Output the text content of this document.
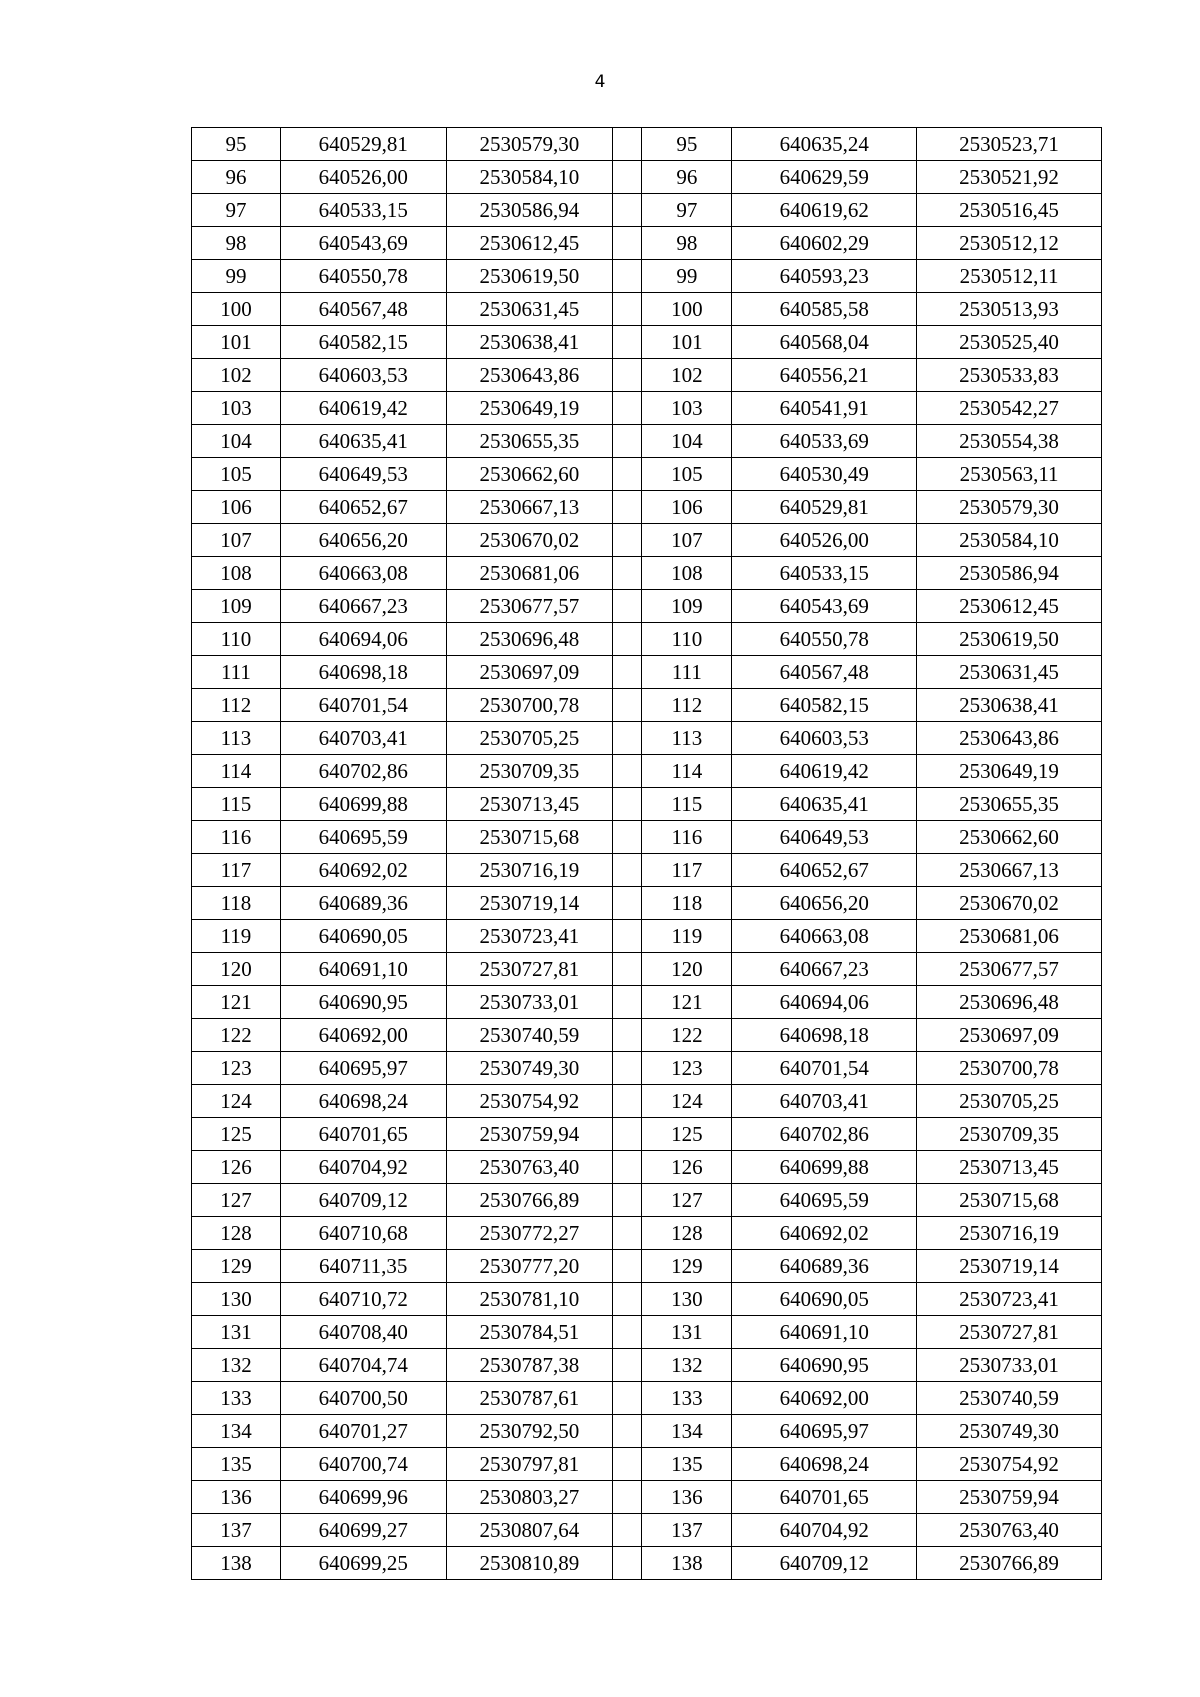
4
95	640529,81	2530579,30		95	640635,24	2530523,71
96	640526,00	2530584,10		96	640629,59	2530521,92
97	640533,15	2530586,94		97	640619,62	2530516,45
98	640543,69	2530612,45		98	640602,29	2530512,12
99	640550,78	2530619,50		99	640593,23	2530512,11
100	640567,48	2530631,45		100	640585,58	2530513,93
101	640582,15	2530638,41		101	640568,04	2530525,40
102	640603,53	2530643,86		102	640556,21	2530533,83
103	640619,42	2530649,19		103	640541,91	2530542,27
104	640635,41	2530655,35		104	640533,69	2530554,38
105	640649,53	2530662,60		105	640530,49	2530563,11
106	640652,67	2530667,13		106	640529,81	2530579,30
107	640656,20	2530670,02		107	640526,00	2530584,10
108	640663,08	2530681,06		108	640533,15	2530586,94
109	640667,23	2530677,57		109	640543,69	2530612,45
110	640694,06	2530696,48		110	640550,78	2530619,50
111	640698,18	2530697,09		111	640567,48	2530631,45
112	640701,54	2530700,78		112	640582,15	2530638,41
113	640703,41	2530705,25		113	640603,53	2530643,86
114	640702,86	2530709,35		114	640619,42	2530649,19
115	640699,88	2530713,45		115	640635,41	2530655,35
116	640695,59	2530715,68		116	640649,53	2530662,60
117	640692,02	2530716,19		117	640652,67	2530667,13
118	640689,36	2530719,14		118	640656,20	2530670,02
119	640690,05	2530723,41		119	640663,08	2530681,06
120	640691,10	2530727,81		120	640667,23	2530677,57
121	640690,95	2530733,01		121	640694,06	2530696,48
122	640692,00	2530740,59		122	640698,18	2530697,09
123	640695,97	2530749,30		123	640701,54	2530700,78
124	640698,24	2530754,92		124	640703,41	2530705,25
125	640701,65	2530759,94		125	640702,86	2530709,35
126	640704,92	2530763,40		126	640699,88	2530713,45
127	640709,12	2530766,89		127	640695,59	2530715,68
128	640710,68	2530772,27		128	640692,02	2530716,19
129	640711,35	2530777,20		129	640689,36	2530719,14
130	640710,72	2530781,10		130	640690,05	2530723,41
131	640708,40	2530784,51		131	640691,10	2530727,81
132	640704,74	2530787,38		132	640690,95	2530733,01
133	640700,50	2530787,61		133	640692,00	2530740,59
134	640701,27	2530792,50		134	640695,97	2530749,30
135	640700,74	2530797,81		135	640698,24	2530754,92
136	640699,96	2530803,27		136	640701,65	2530759,94
137	640699,27	2530807,64		137	640704,92	2530763,40
138	640699,25	2530810,89		138	640709,12	2530766,89
